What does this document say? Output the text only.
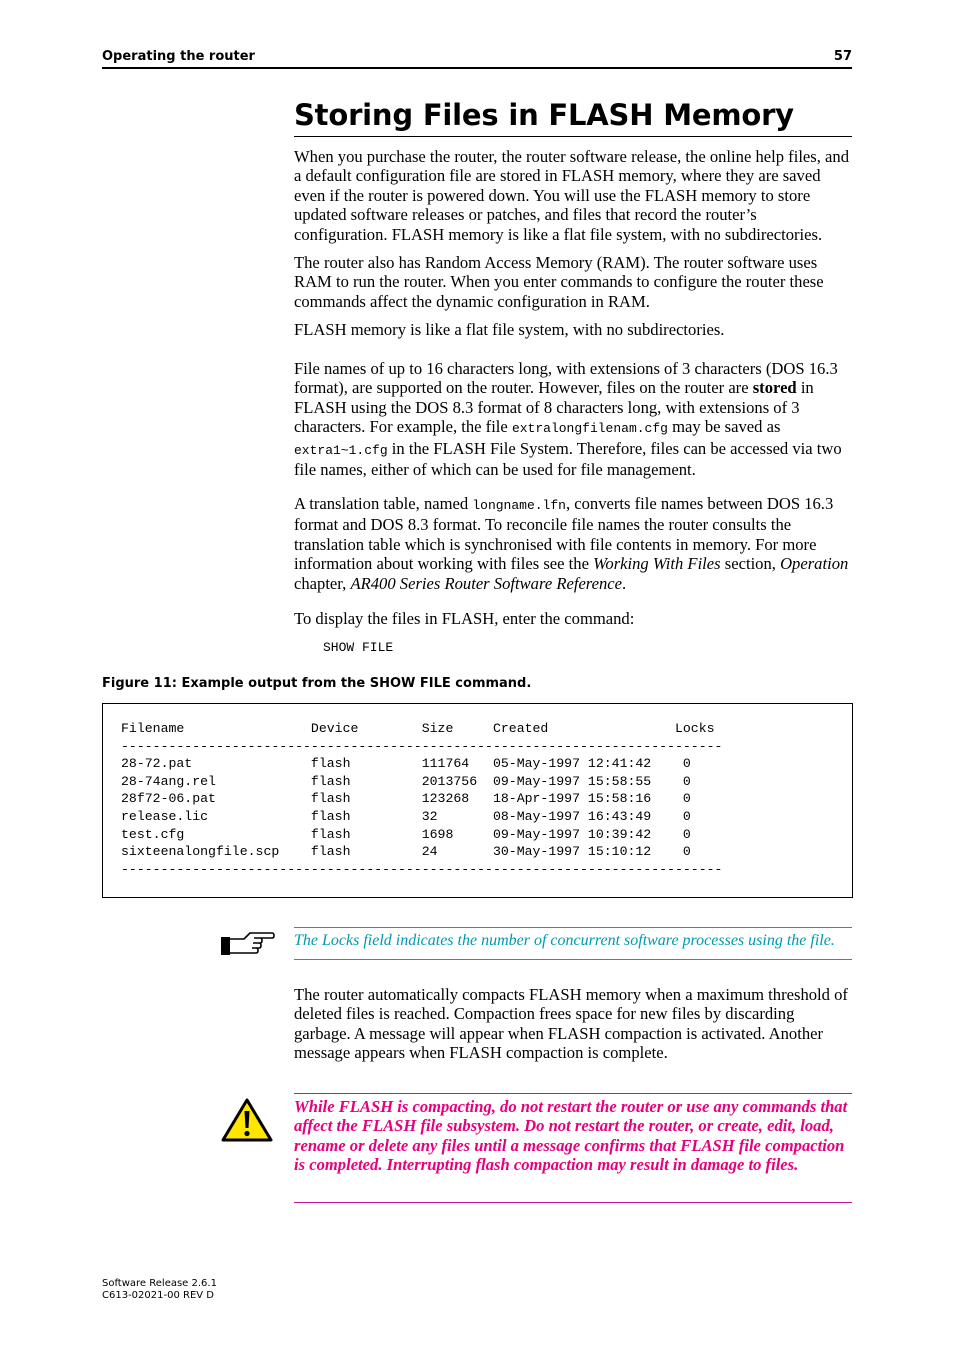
Operating the router	57
Storing Files in FLASH Memory

When you purchase the router, the router software release, the online help files, and a default configuration file are stored in FLASH memory, where they are saved even if the router is powered down. You will use the FLASH memory to store updated software releases or patches, and files that record the router’s configuration. FLASH memory is like a flat file system, with no subdirectories.

The router also has Random Access Memory (RAM). The router software uses RAM to run the router. When you enter commands to configure the router these commands affect the dynamic configuration in RAM.

FLASH memory is like a flat file system, with no subdirectories.

File names of up to 16 characters long, with extensions of 3 characters (DOS 16.3 format), are supported on the router. However, files on the router are stored in FLASH using the DOS 8.3 format of 8 characters long, with extensions of 3 characters. For example, the file extralongfilenam.cfg may be saved as extra1~1.cfg in the FLASH File System. Therefore, files can be accessed via two file names, either of which can be used for file management.

A translation table, named longname.lfn, converts file names between DOS 16.3 format and DOS 8.3 format. To reconcile file names the router consults the translation table which is synchronised with file contents in memory. For more information about working with files see the Working With Files section, Operation chapter, AR400 Series Router Software Reference.

To display the files in FLASH, enter the command:

SHOW FILE
Figure 11: Example output from the SHOW FILE command.
Filename                Device        Size     Created                Locks
----------------------------------------------------------------------------
28-72.pat               flash         111764   05-May-1997 12:41:42    0
28-74ang.rel            flash         2013756  09-May-1997 15:58:55    0
28f72-06.pat            flash         123268   18-Apr-1997 15:58:16    0
release.lic             flash         32       08-May-1997 16:43:49    0
test.cfg                flash         1698     09-May-1997 10:39:42    0
sixteenalongfile.scp    flash         24       30-May-1997 15:10:12    0
----------------------------------------------------------------------------
The Locks field indicates the number of concurrent software processes using the file.

The router automatically compacts FLASH memory when a maximum threshold of deleted files is reached. Compaction frees space for new files by discarding garbage. A message will appear when FLASH compaction is activated. Another message appears when FLASH compaction is complete.

While FLASH is compacting, do not restart the router or use any commands that affect the FLASH file subsystem. Do not restart the router, or create, edit, load, rename or delete any files until a message confirms that FLASH file compaction is completed. Interrupting flash compaction may result in damage to files.

Software Release 2.6.1
C613-02021-00 REV D
